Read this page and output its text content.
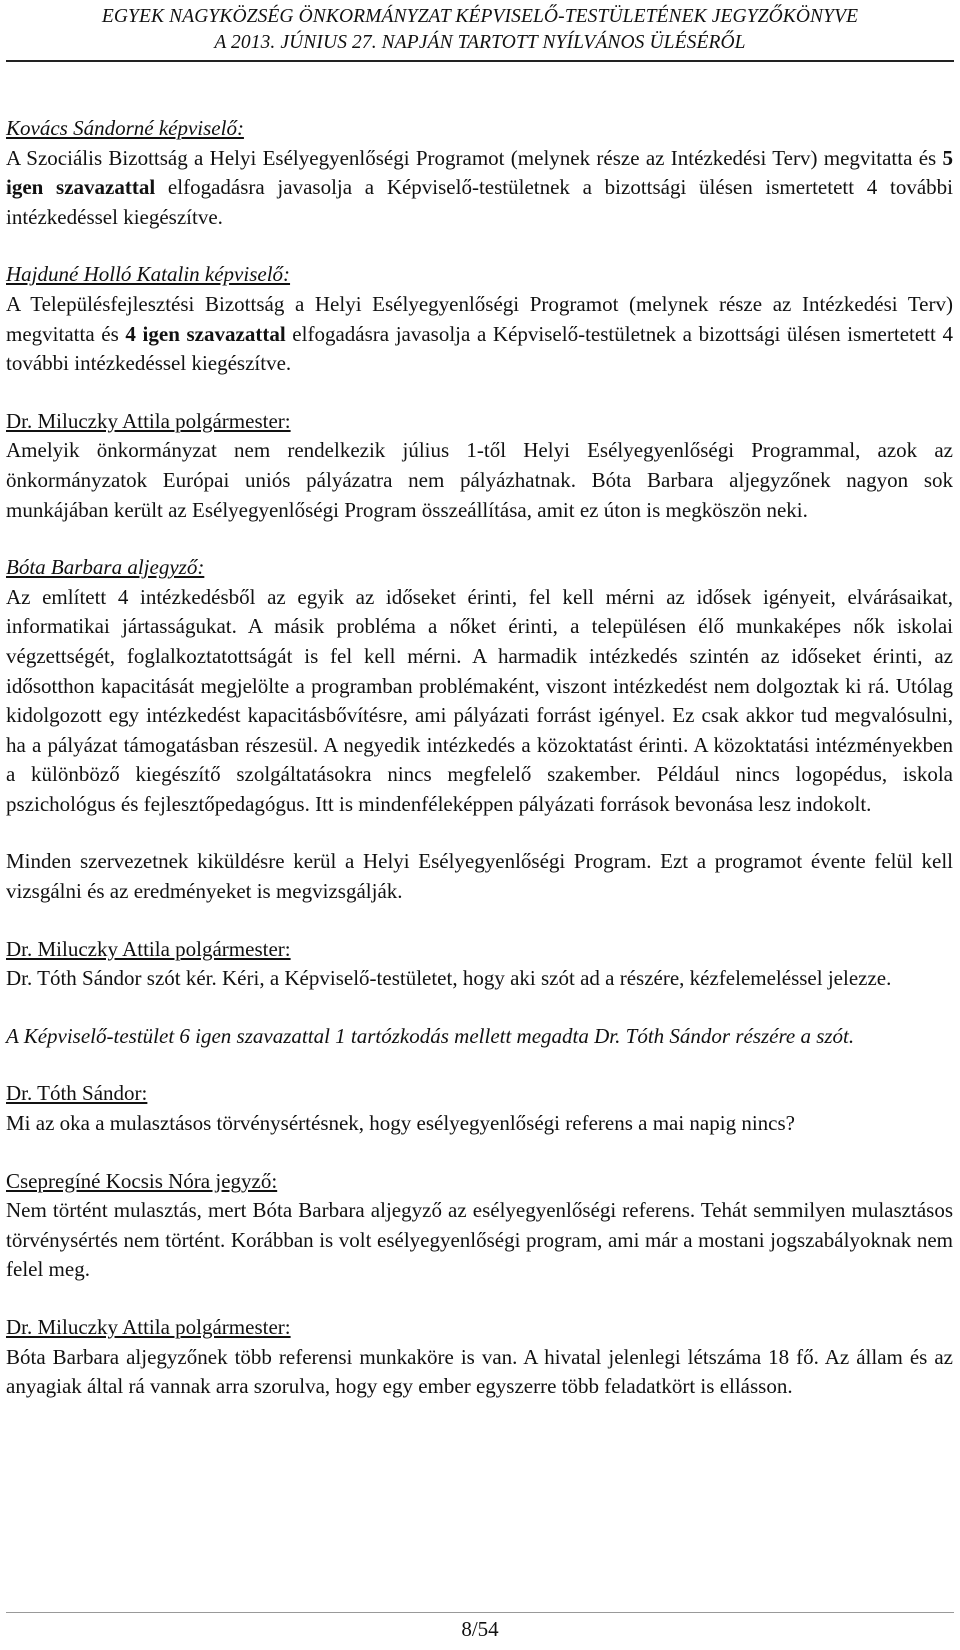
EGYEK NAGYKÖZSÉG ÖNKORMÁNYZAT KÉPVISELŐ-TESTÜLETÉNEK JEGYZŐKÖNYVE
A 2013. JÚNIUS 27. NAPJÁN TARTOTT NYÍLVÁNOS ÜLÉSÉRŐL

Kovács Sándorné képviselő:

A Szociális Bizottság a Helyi Esélyegyenlőségi Programot (melynek része az Intézkedési Terv) megvitatta és 5 igen szavazattal elfogadásra javasolja a Képviselő-testületnek a bizottsági ülésen ismertetett 4 további intézkedéssel kiegészítve.

Hajduné Holló Katalin képviselő:

A Településfejlesztési Bizottság a Helyi Esélyegyenlőségi Programot (melynek része az Intézkedési Terv) megvitatta és 4 igen szavazattal elfogadásra javasolja a Képviselő-testületnek a bizottsági ülésen ismertetett 4 további intézkedéssel kiegészítve.

Dr. Miluczky Attila polgármester:

Amelyik önkormányzat nem rendelkezik július 1-től Helyi Esélyegyenlőségi Programmal, azok az önkormányzatok Európai uniós pályázatra nem pályázhatnak. Bóta Barbara aljegyzőnek nagyon sok munkájában került az Esélyegyenlőségi Program összeállítása, amit ez úton is megköszön neki.

Bóta Barbara aljegyző:

Az említett 4 intézkedésből az egyik az időseket érinti, fel kell mérni az idősek igényeit, elvárásaikat, informatikai jártasságukat. A másik probléma a nőket érinti, a településen élő munkaképes nők iskolai végzettségét, foglalkoztatottságát is fel kell mérni. A harmadik intézkedés szintén az időseket érinti, az idősotthon kapacitását megjelölte a programban problémaként, viszont intézkedést nem dolgoztak ki rá. Utólag kidolgozott egy intézkedést kapacitásbővítésre, ami pályázati forrást igényel. Ez csak akkor tud megvalósulni, ha a pályázat támogatásban részesül. A negyedik intézkedés a közoktatást érinti. A közoktatási intézményekben a különböző kiegészítő szolgáltatásokra nincs megfelelő szakember. Például nincs logopédus, iskola pszichológus és fejlesztőpedagógus. Itt is mindenféleképpen pályázati források bevonása lesz indokolt.

Minden szervezetnek kiküldésre kerül a Helyi Esélyegyenlőségi Program. Ezt a programot évente felül kell vizsgálni és az eredményeket is megvizsgálják.

Dr. Miluczky Attila polgármester:

Dr. Tóth Sándor szót kér. Kéri, a Képviselő-testületet, hogy aki szót ad a részére, kézfelemeléssel jelezze.

A Képviselő-testület 6 igen szavazattal 1 tartózkodás mellett megadta Dr. Tóth Sándor részére a szót.

Dr. Tóth Sándor:

Mi az oka a mulasztásos törvénysértésnek, hogy esélyegyenlőségi referens a mai napig nincs?

Csepregíné Kocsis Nóra jegyző:

Nem történt mulasztás, mert Bóta Barbara aljegyző az esélyegyenlőségi referens. Tehát semmilyen mulasztásos törvénysértés nem történt. Korábban is volt esélyegyenlőségi program, ami már a mostani jogszabályoknak nem felel meg.

Dr. Miluczky Attila polgármester:

Bóta Barbara aljegyzőnek több referensi munkaköre is van. A hivatal jelenlegi létszáma 18 fő. Az állam és az anyagiak által rá vannak arra szorulva, hogy egy ember egyszerre több feladatkört is ellásson.

8/54
